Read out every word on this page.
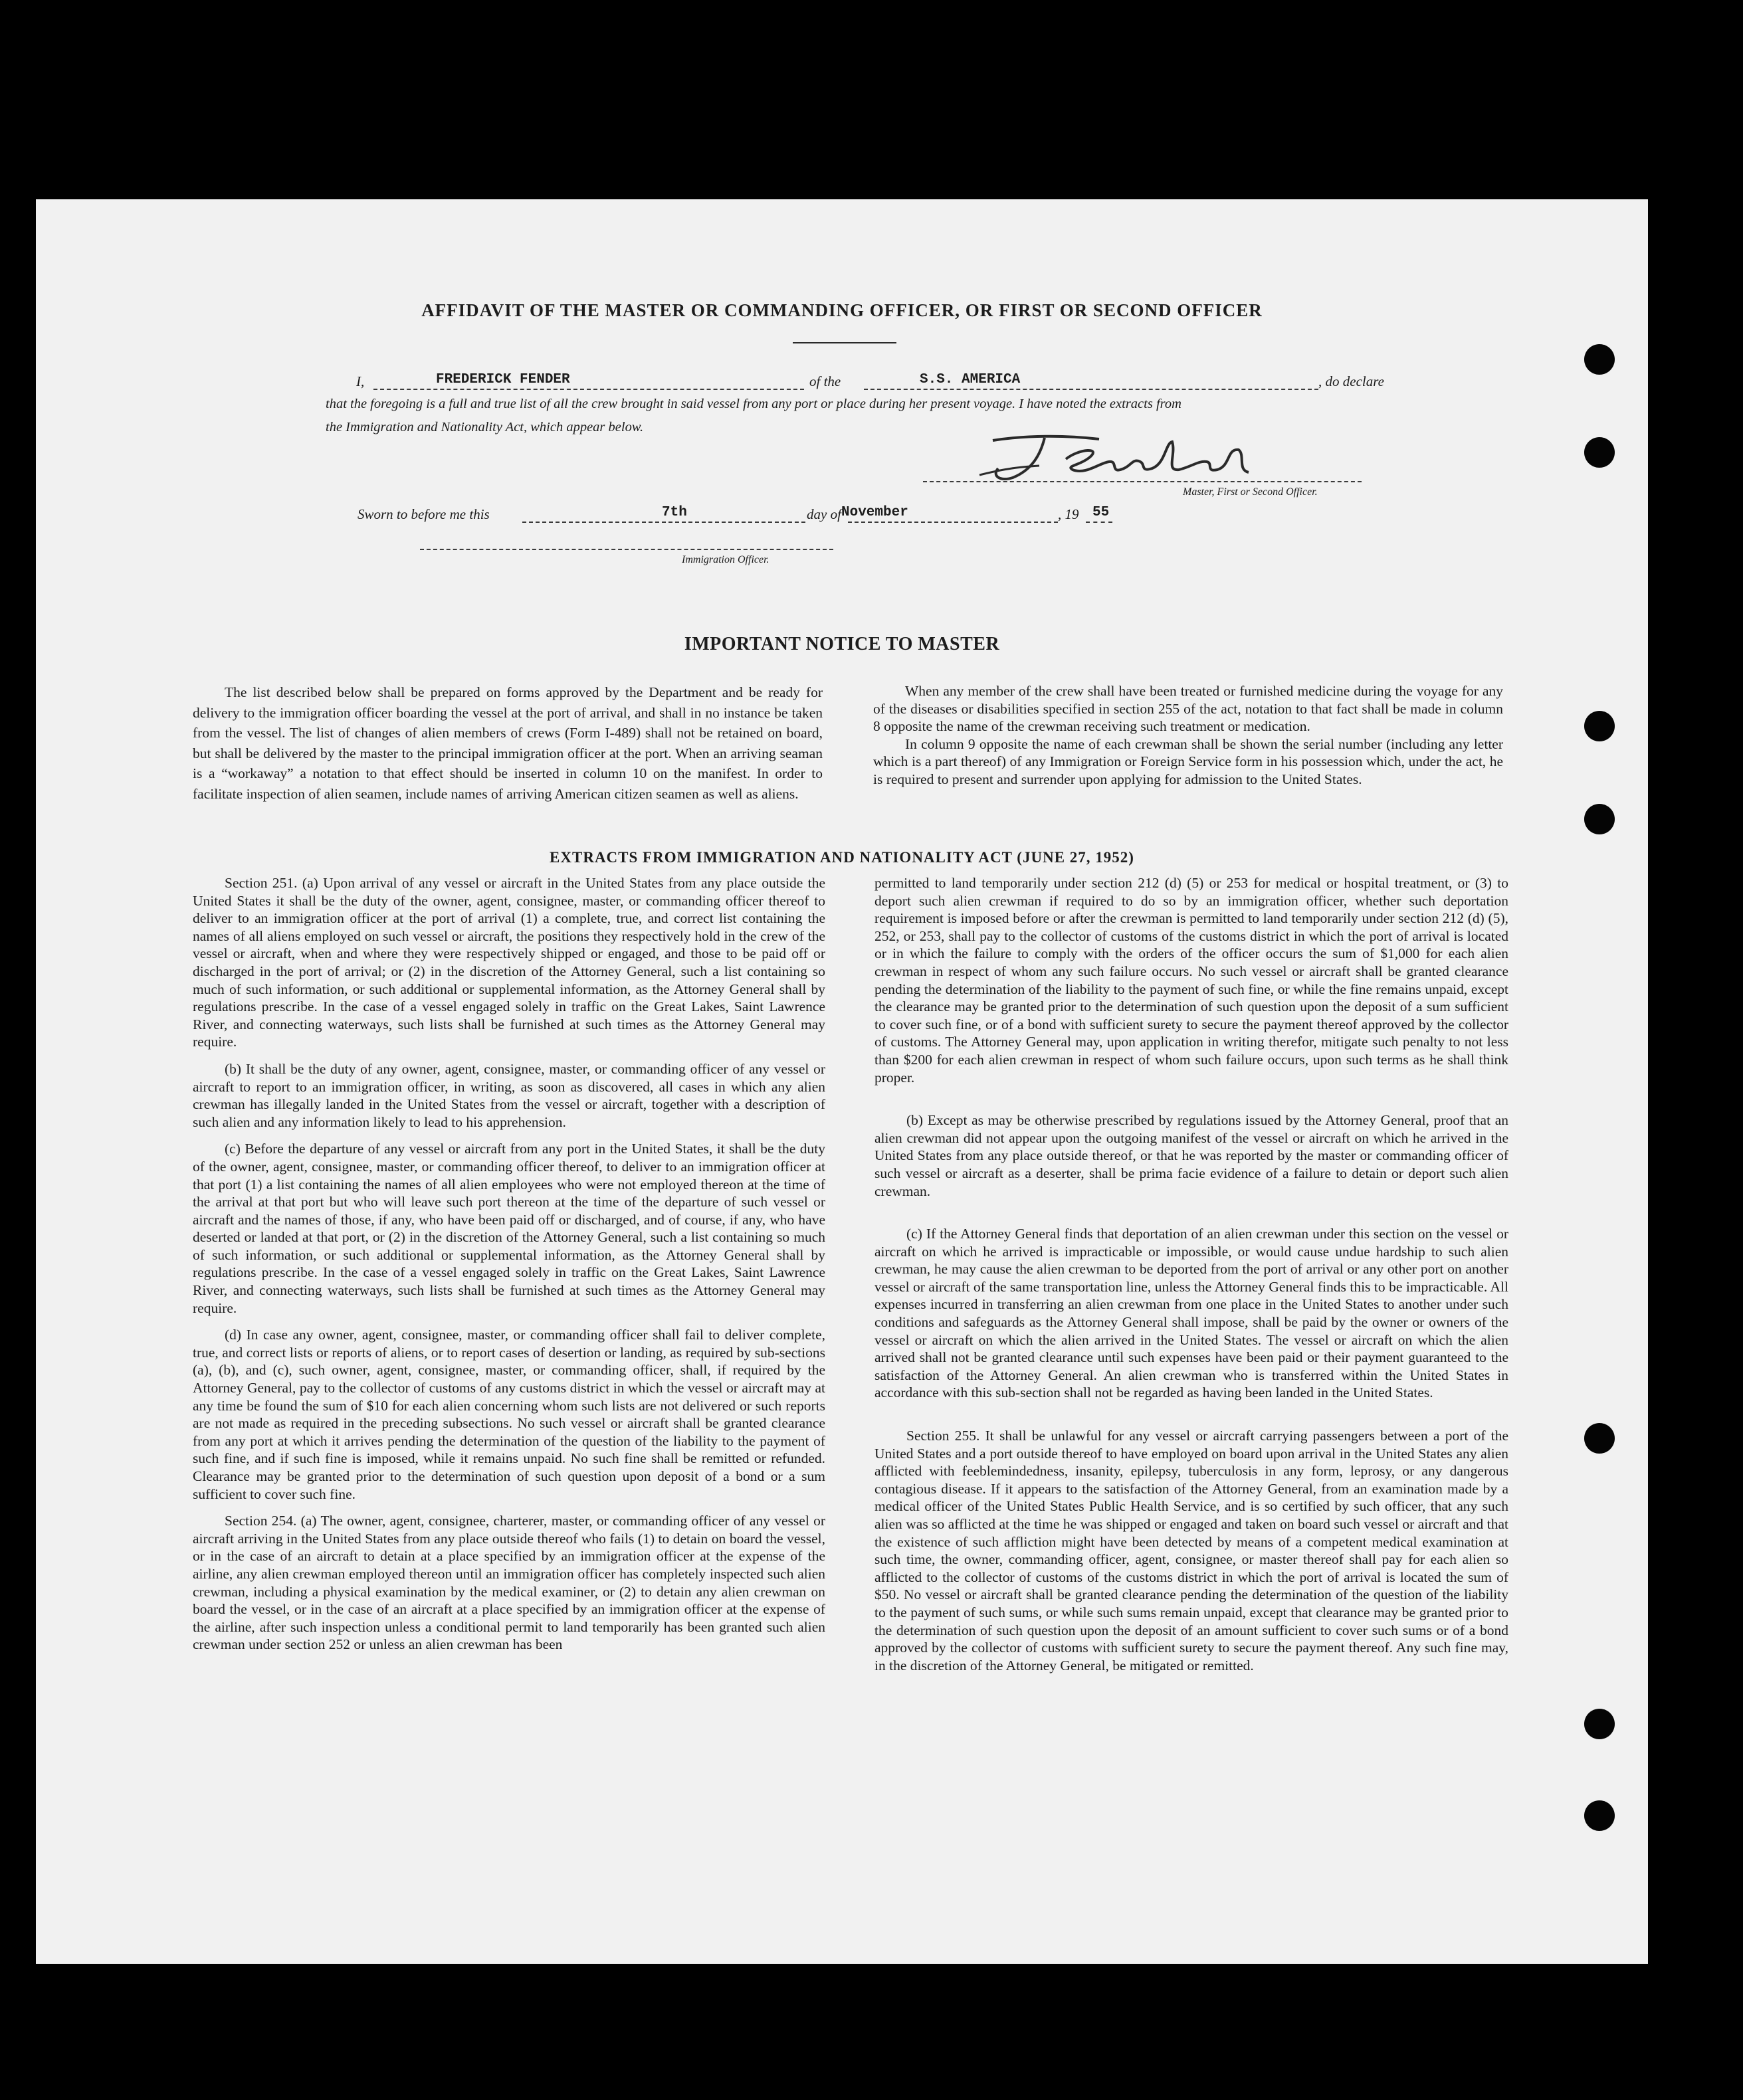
AFFIDAVIT OF THE MASTER OR COMMANDING OFFICER, OR FIRST OR SECOND OFFICER
I,	FREDERICK FENDER	of the	S.S. AMERICA	, do declare
that the foregoing is a full and true list of all the crew brought in said vessel from any port or place during her present voyage. I have noted the extracts from
the Immigration and Nationality Act, which appear below.
Master, First or Second Officer.
Sworn to before me this	7th	day of November	, 19 55
Immigration Officer.
IMPORTANT NOTICE TO MASTER

The list described below shall be prepared on forms approved by the Department and be ready for delivery to the immigration officer boarding the vessel at the port of arrival, and shall in no instance be taken from the vessel. The list of changes of alien members of crews (Form I-489) shall not be retained on board, but shall be delivered by the master to the principal immigration officer at the port. When an arriving seaman is a “workaway” a notation to that effect should be inserted in column 10 on the manifest. In order to facilitate inspection of alien seamen, include names of arriving American citizen seamen as well as aliens.

When any member of the crew shall have been treated or furnished medicine during the voyage for any of the diseases or disabilities specified in section 255 of the act, notation to that fact shall be made in column 8 opposite the name of the crewman receiving such treatment or medication.

In column 9 opposite the name of each crewman shall be shown the serial number (including any letter which is a part thereof) of any Immigration or Foreign Service form in his possession which, under the act, he is required to present and surrender upon applying for admission to the United States.

EXTRACTS FROM IMMIGRATION AND NATIONALITY ACT (JUNE 27, 1952)

Section 251. (a) Upon arrival of any vessel or aircraft in the United States from any place outside the United States it shall be the duty of the owner, agent, consignee, master, or commanding officer thereof to deliver to an immigration officer at the port of arrival (1) a complete, true, and correct list containing the names of all aliens employed on such vessel or aircraft, the positions they respectively hold in the crew of the vessel or aircraft, when and where they were respectively shipped or engaged, and those to be paid off or discharged in the port of arrival; or (2) in the discretion of the Attorney General, such a list containing so much of such information, or such additional or supplemental information, as the Attorney General shall by regulations prescribe. In the case of a vessel engaged solely in traffic on the Great Lakes, Saint Lawrence River, and connecting waterways, such lists shall be furnished at such times as the Attorney General may require.

(b) It shall be the duty of any owner, agent, consignee, master, or commanding officer of any vessel or aircraft to report to an immigration officer, in writing, as soon as discovered, all cases in which any alien crewman has illegally landed in the United States from the vessel or aircraft, together with a description of such alien and any information likely to lead to his apprehension.

(c) Before the departure of any vessel or aircraft from any port in the United States, it shall be the duty of the owner, agent, consignee, master, or commanding officer thereof, to deliver to an immigration officer at that port (1) a list containing the names of all alien employees who were not employed thereon at the time of the arrival at that port but who will leave such port thereon at the time of the departure of such vessel or aircraft and the names of those, if any, who have been paid off or discharged, and of course, if any, who have deserted or landed at that port, or (2) in the discretion of the Attorney General, such a list containing so much of such information, or such additional or supplemental information, as the Attorney General shall by regulations prescribe. In the case of a vessel engaged solely in traffic on the Great Lakes, Saint Lawrence River, and connecting waterways, such lists shall be furnished at such times as the Attorney General may require.

(d) In case any owner, agent, consignee, master, or commanding officer shall fail to deliver complete, true, and correct lists or reports of aliens, or to report cases of desertion or landing, as required by sub-sections (a), (b), and (c), such owner, agent, consignee, master, or commanding officer, shall, if required by the Attorney General, pay to the collector of customs of any customs district in which the vessel or aircraft may at any time be found the sum of $10 for each alien concerning whom such lists are not delivered or such reports are not made as required in the preceding subsections. No such vessel or aircraft shall be granted clearance from any port at which it arrives pending the determination of the question of the liability to the payment of such fine, and if such fine is imposed, while it remains unpaid. No such fine shall be remitted or refunded. Clearance may be granted prior to the determination of such question upon deposit of a bond or a sum sufficient to cover such fine.

Section 254. (a) The owner, agent, consignee, charterer, master, or commanding officer of any vessel or aircraft arriving in the United States from any place outside thereof who fails (1) to detain on board the vessel, or in the case of an aircraft to detain at a place specified by an immigration officer at the expense of the airline, any alien crewman employed thereon until an immigration officer has completely inspected such alien crewman, including a physical examination by the medical examiner, or (2) to detain any alien crewman on board the vessel, or in the case of an aircraft at a place specified by an immigration officer at the expense of the airline, after such inspection unless a conditional permit to land temporarily has been granted such alien crewman under section 252 or unless an alien crewman has been

permitted to land temporarily under section 212 (d) (5) or 253 for medical or hospital treatment, or (3) to deport such alien crewman if required to do so by an immigration officer, whether such deportation requirement is imposed before or after the crewman is permitted to land temporarily under section 212 (d) (5), 252, or 253, shall pay to the collector of customs of the customs district in which the port of arrival is located or in which the failure to comply with the orders of the officer occurs the sum of $1,000 for each alien crewman in respect of whom any such failure occurs. No such vessel or aircraft shall be granted clearance pending the determination of the liability to the payment of such fine, or while the fine remains unpaid, except the clearance may be granted prior to the determination of such question upon the deposit of a sum sufficient to cover such fine, or of a bond with sufficient surety to secure the payment thereof approved by the collector of customs. The Attorney General may, upon application in writing therefor, mitigate such penalty to not less than $200 for each alien crewman in respect of whom such failure occurs, upon such terms as he shall think proper.

(b) Except as may be otherwise prescribed by regulations issued by the Attorney General, proof that an alien crewman did not appear upon the outgoing manifest of the vessel or aircraft on which he arrived in the United States from any place outside thereof, or that he was reported by the master or commanding officer of such vessel or aircraft as a deserter, shall be prima facie evidence of a failure to detain or deport such alien crewman.

(c) If the Attorney General finds that deportation of an alien crewman under this section on the vessel or aircraft on which he arrived is impracticable or impossible, or would cause undue hardship to such alien crewman, he may cause the alien crewman to be deported from the port of arrival or any other port on another vessel or aircraft of the same transportation line, unless the Attorney General finds this to be impracticable. All expenses incurred in transferring an alien crewman from one place in the United States to another under such conditions and safeguards as the Attorney General shall impose, shall be paid by the owner or owners of the vessel or aircraft on which the alien arrived in the United States. The vessel or aircraft on which the alien arrived shall not be granted clearance until such expenses have been paid or their payment guaranteed to the satisfaction of the Attorney General. An alien crewman who is transferred within the United States in accordance with this sub-section shall not be regarded as having been landed in the United States.

Section 255. It shall be unlawful for any vessel or aircraft carrying passengers between a port of the United States and a port outside thereof to have employed on board upon arrival in the United States any alien afflicted with feeblemindedness, insanity, epilepsy, tuberculosis in any form, leprosy, or any dangerous contagious disease. If it appears to the satisfaction of the Attorney General, from an examination made by a medical officer of the United States Public Health Service, and is so certified by such officer, that any such alien was so afflicted at the time he was shipped or engaged and taken on board such vessel or aircraft and that the existence of such affliction might have been detected by means of a competent medical examination at such time, the owner, commanding officer, agent, consignee, or master thereof shall pay for each alien so afflicted to the collector of customs of the customs district in which the port of arrival is located the sum of $50. No vessel or aircraft shall be granted clearance pending the determination of the question of the liability to the payment of such sums, or while such sums remain unpaid, except that clearance may be granted prior to the determination of such question upon the deposit of an amount sufficient to cover such sums or of a bond approved by the collector of customs with sufficient surety to secure the payment thereof. Any such fine may, in the discretion of the Attorney General, be mitigated or remitted.
